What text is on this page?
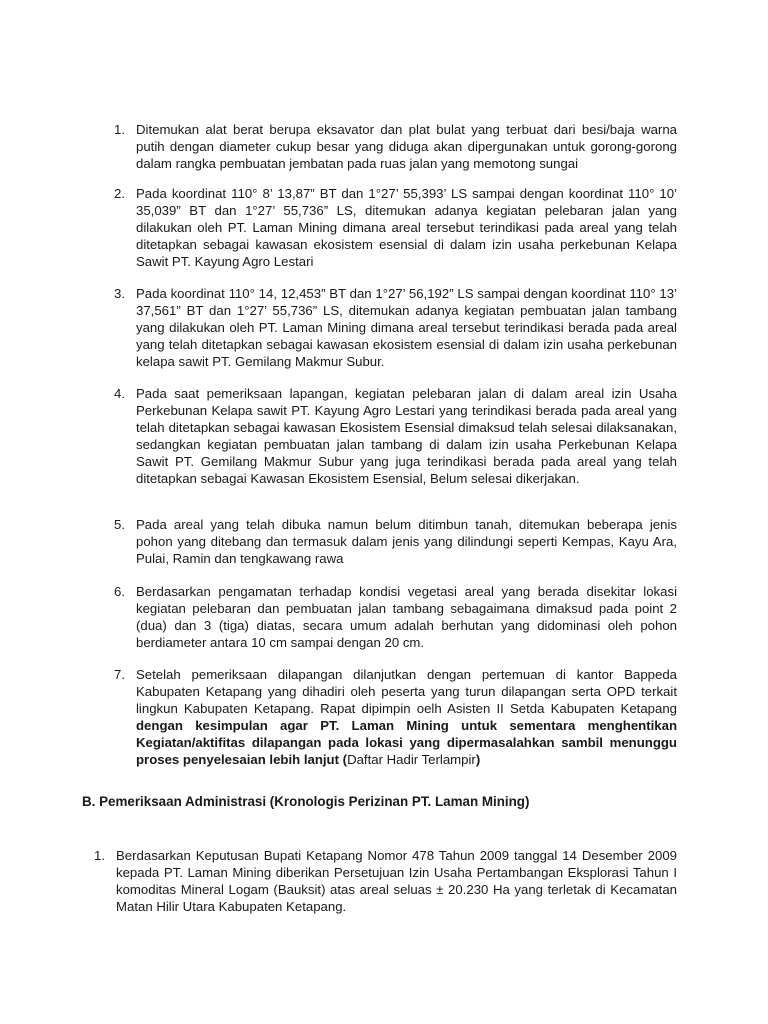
1. Ditemukan alat berat berupa eksavator dan plat bulat yang terbuat dari besi/baja warna putih dengan diameter cukup besar yang diduga akan dipergunakan untuk gorong-gorong dalam rangka pembuatan jembatan pada ruas jalan yang memotong sungai
2. Pada koordinat 110° 8’ 13,87” BT dan 1°27’ 55,393’ LS sampai dengan koordinat 110° 10’ 35,039” BT dan 1°27’ 55,736” LS, ditemukan adanya kegiatan pelebaran jalan yang dilakukan oleh PT. Laman Mining dimana areal tersebut terindikasi pada areal yang telah ditetapkan sebagai kawasan ekosistem esensial di dalam izin usaha perkebunan Kelapa Sawit PT. Kayung Agro Lestari
3. Pada koordinat 110° 14, 12,453” BT dan 1°27’ 56,192” LS sampai dengan koordinat 110° 13’ 37,561” BT dan 1°27’ 55,736” LS, ditemukan adanya kegiatan pembuatan jalan tambang yang dilakukan oleh PT. Laman Mining dimana areal tersebut terindikasi berada pada areal yang telah ditetapkan sebagai kawasan ekosistem esensial di dalam izin usaha perkebunan kelapa sawit PT. Gemilang Makmur Subur.
4. Pada saat pemeriksaan lapangan, kegiatan pelebaran jalan di dalam areal izin Usaha Perkebunan Kelapa sawit PT. Kayung Agro Lestari yang terindikasi berada pada areal yang telah ditetapkan sebagai kawasan Ekosistem Esensial dimaksud telah selesai dilaksanakan, sedangkan kegiatan pembuatan jalan tambang di dalam izin usaha Perkebunan Kelapa Sawit PT. Gemilang Makmur Subur yang juga terindikasi berada pada areal yang telah ditetapkan sebagai Kawasan Ekosistem Esensial, Belum selesai dikerjakan.
5. Pada areal yang telah dibuka namun belum ditimbun tanah, ditemukan beberapa jenis pohon yang ditebang dan termasuk dalam jenis yang dilindungi seperti Kempas, Kayu Ara, Pulai, Ramin dan tengkawang rawa
6. Berdasarkan pengamatan terhadap kondisi vegetasi areal yang berada disekitar lokasi kegiatan pelebaran dan pembuatan jalan tambang sebagaimana dimaksud pada point 2 (dua) dan 3 (tiga) diatas, secara umum adalah berhutan yang didominasi oleh pohon berdiameter antara 10 cm sampai dengan 20 cm.
7. Setelah pemeriksaan dilapangan dilanjutkan dengan pertemuan di kantor Bappeda Kabupaten Ketapang yang dihadiri oleh peserta yang turun dilapangan serta OPD terkait lingkun Kabupaten Ketapang. Rapat dipimpin oelh Asisten II Setda Kabupaten Ketapang dengan kesimpulan agar PT. Laman Mining untuk sementara menghentikan Kegiatan/aktifitas dilapangan pada lokasi yang dipermasalahkan sambil menunggu proses penyelesaian lebih lanjut (Daftar Hadir Terlampir)
B. Pemeriksaan Administrasi (Kronologis Perizinan PT. Laman Mining)
1. Berdasarkan Keputusan Bupati Ketapang Nomor 478 Tahun 2009 tanggal 14 Desember 2009 kepada PT. Laman Mining diberikan Persetujuan Izin Usaha Pertambangan Eksplorasi Tahun I komoditas Mineral Logam (Bauksit) atas areal seluas ± 20.230 Ha yang terletak di Kecamatan Matan Hilir Utara Kabupaten Ketapang.
